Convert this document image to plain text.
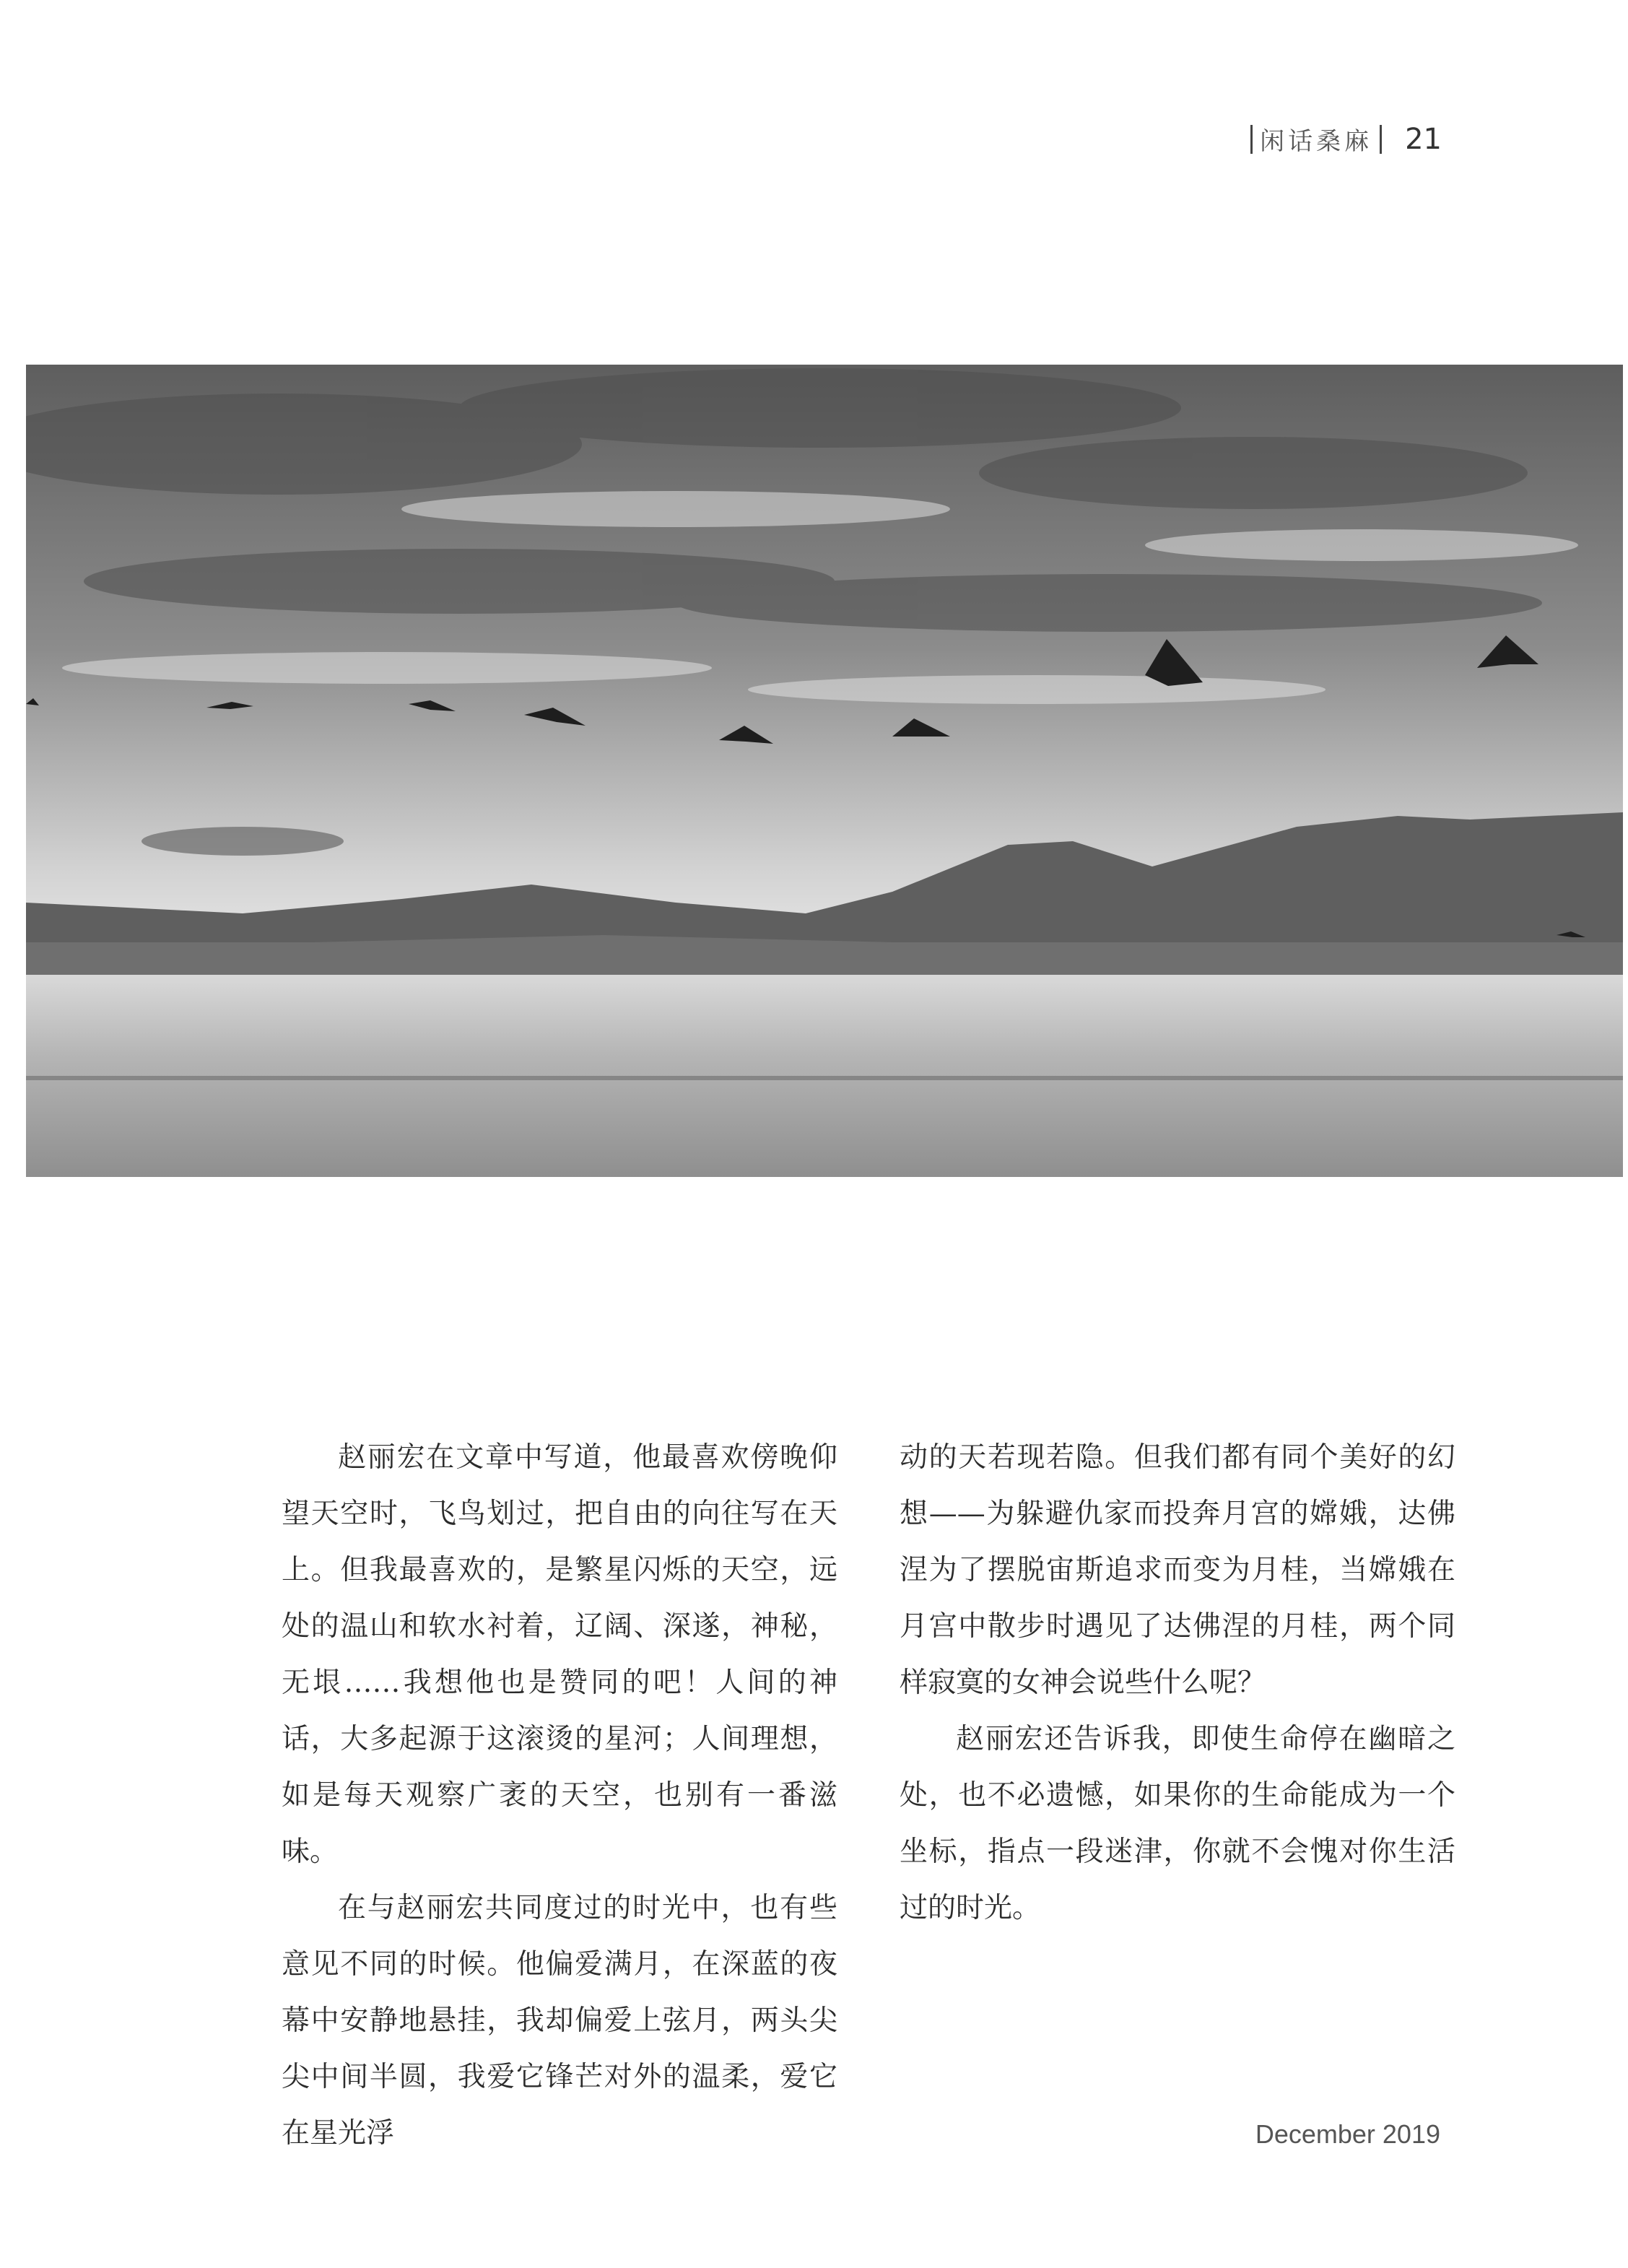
闲话桑麻 21

赵丽宏在文章中写道，他最喜欢傍晚仰望天空时，飞鸟划过，把自由的向往写在天上。但我最喜欢的，是繁星闪烁的天空，远处的温山和软水衬着，辽阔、深遂，神秘，无垠……我想他也是赞同的吧！人间的神话，大多起源于这滚烫的星河；人间理想，如是每天观察广袤的天空，也别有一番滋味。

在与赵丽宏共同度过的时光中，也有些意见不同的时候。他偏爱满月，在深蓝的夜幕中安静地悬挂，我却偏爱上弦月，两头尖尖中间半圆，我爱它锋芒对外的温柔，爱它在星光浮

动的天若现若隐。但我们都有同个美好的幻想——为躲避仇家而投奔月宫的嫦娥，达佛涅为了摆脱宙斯追求而变为月桂，当嫦娥在月宫中散步时遇见了达佛涅的月桂，两个同样寂寞的女神会说些什么呢？

赵丽宏还告诉我，即使生命停在幽暗之处，也不必遗憾，如果你的生命能成为一个坐标，指点一段迷津，你就不会愧对你生活过的时光。

December 2019
